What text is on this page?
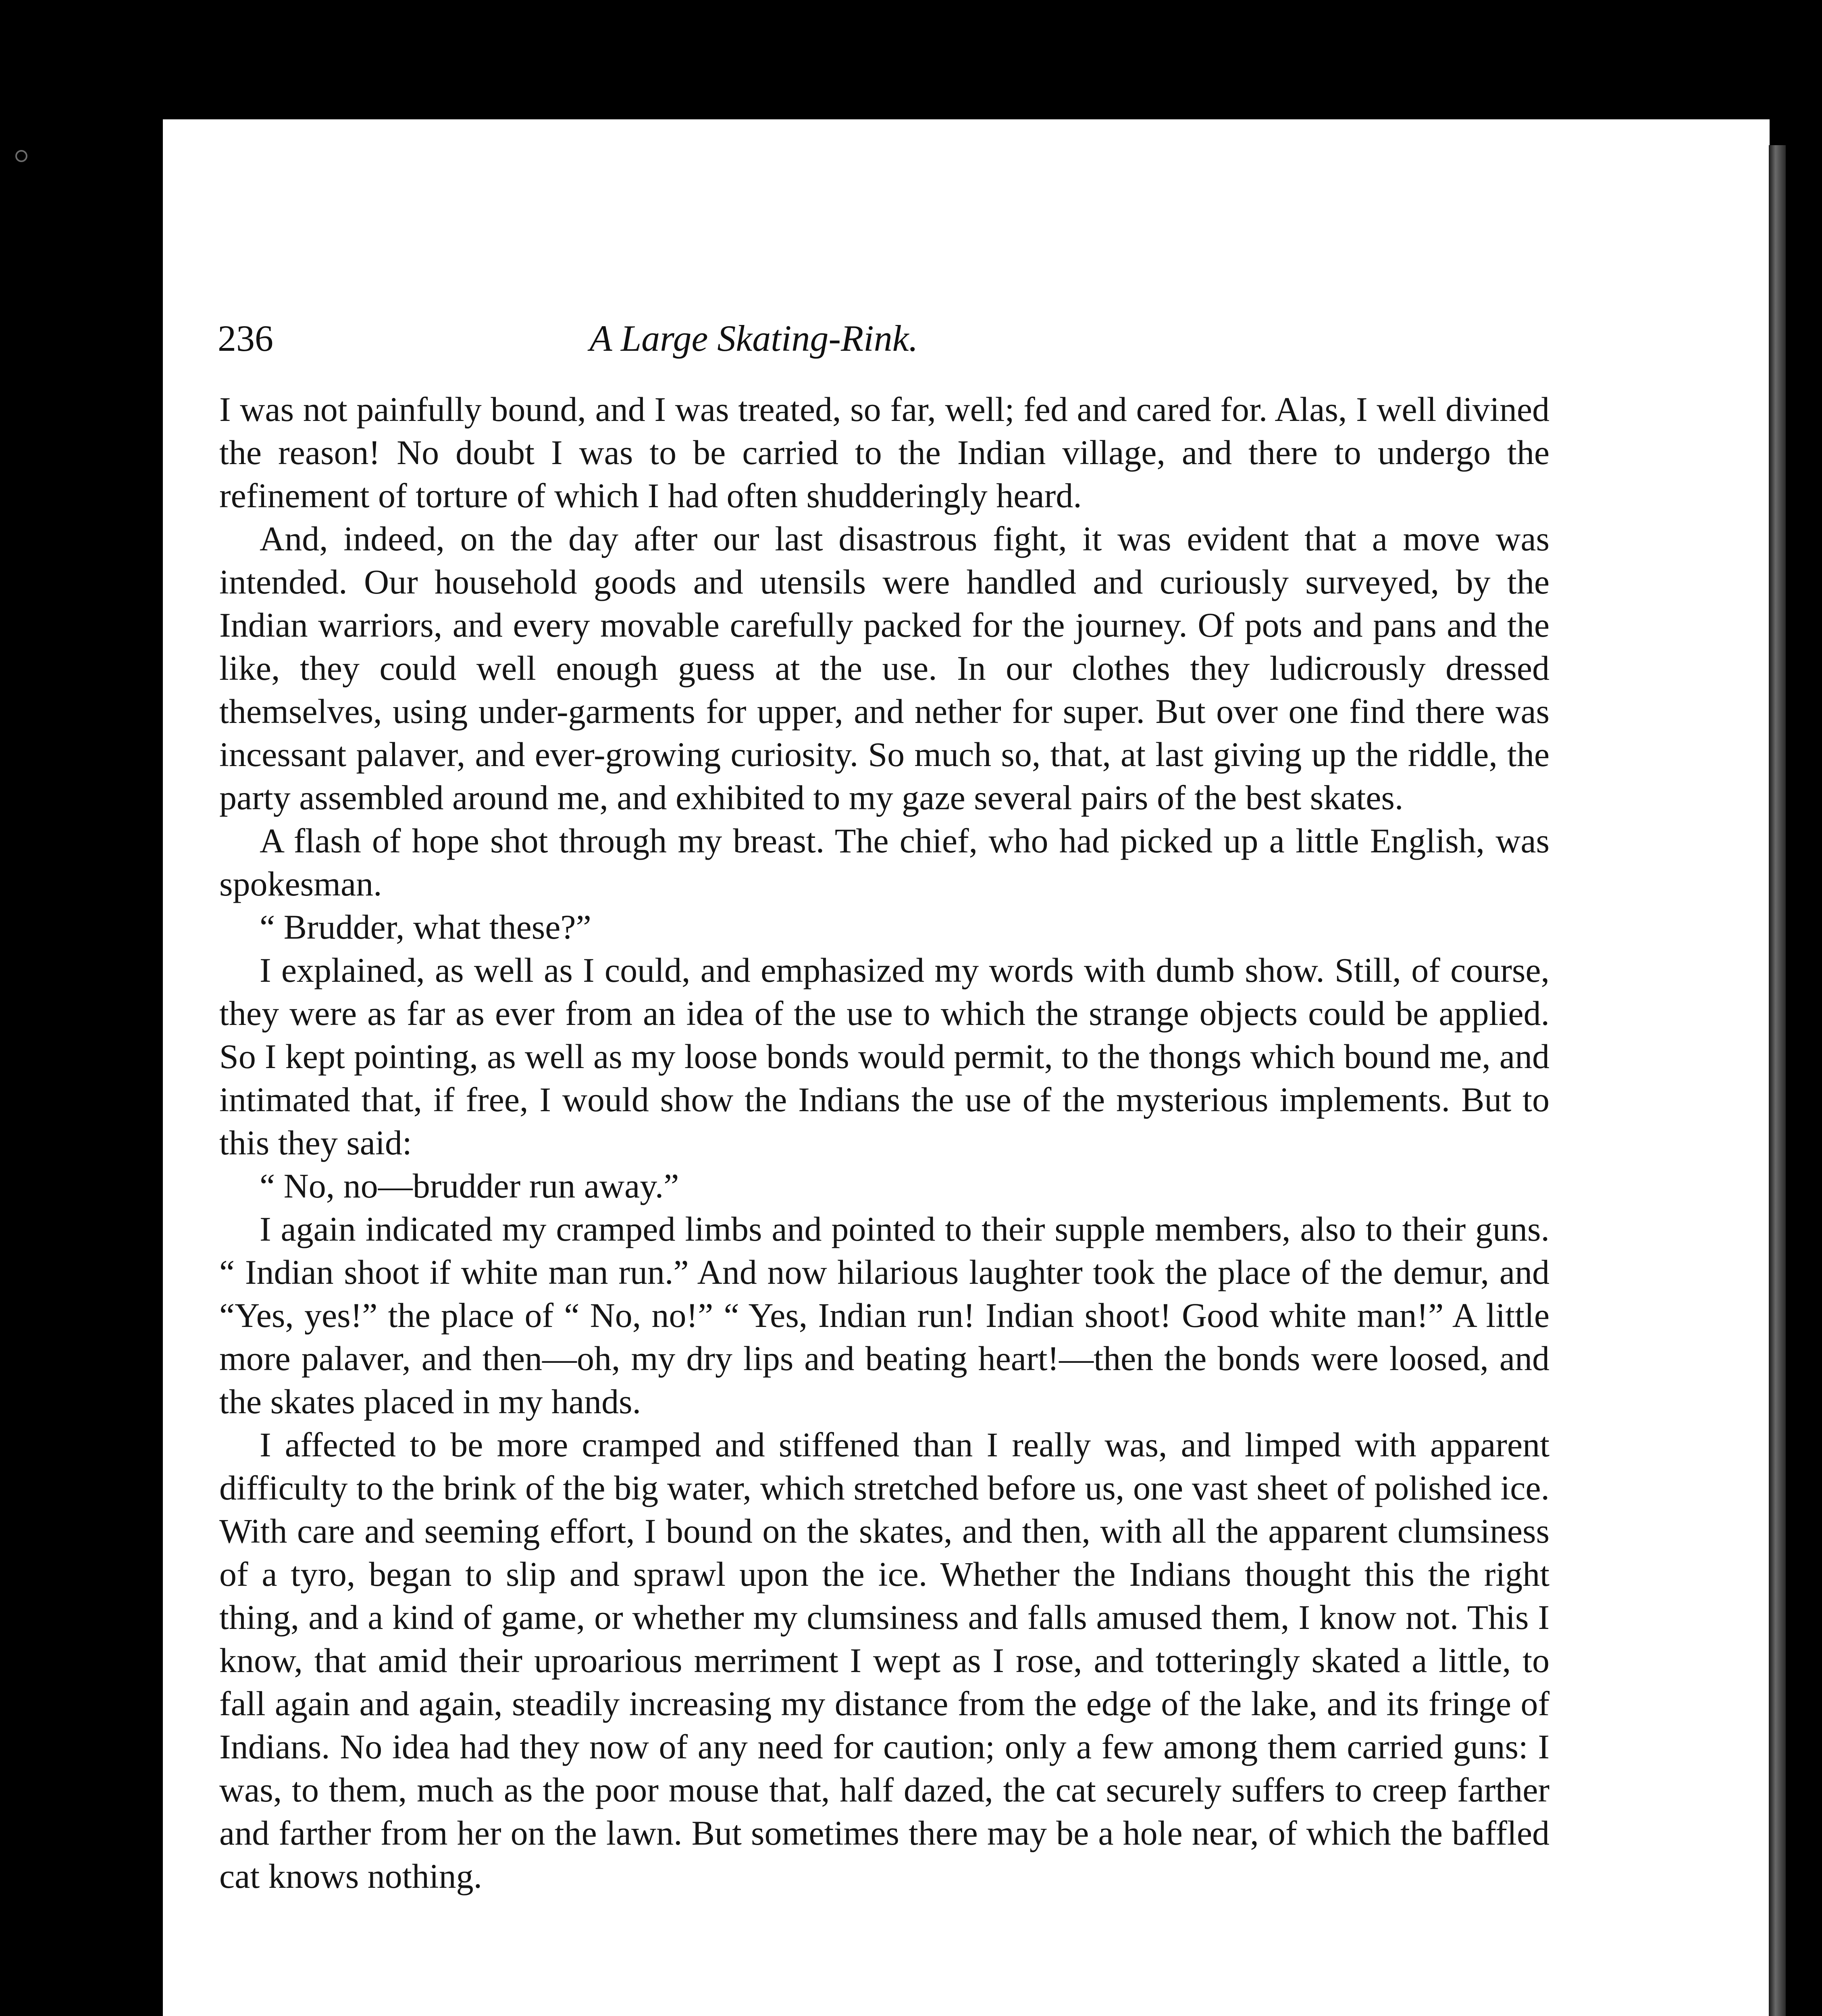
236	A Large Skating-Rink.

I was not painfully bound, and I was treated, so far, well; fed and cared for. Alas, I well divined the reason! No doubt I was to be carried to the Indian village, and there to undergo the refinement of torture of which I had often shudderingly heard.

And, indeed, on the day after our last disastrous fight, it was evident that a move was intended. Our household goods and utensils were handled and curiously surveyed, by the Indian warriors, and every movable carefully packed for the journey. Of pots and pans and the like, they could well enough guess at the use. In our clothes they ludicrously dressed themselves, using under-garments for upper, and nether for super. But over one find there was incessant palaver, and ever-growing curiosity. So much so, that, at last giving up the riddle, the party assembled around me, and exhibited to my gaze several pairs of the best skates.

A flash of hope shot through my breast. The chief, who had picked up a little English, was spokesman.

“ Brudder, what these?”

I explained, as well as I could, and emphasized my words with dumb show. Still, of course, they were as far as ever from an idea of the use to which the strange objects could be applied. So I kept pointing, as well as my loose bonds would permit, to the thongs which bound me, and intimated that, if free, I would show the Indians the use of the mysterious implements. But to this they said:

“ No, no—brudder run away.”

I again indicated my cramped limbs and pointed to their supple members, also to their guns. “ Indian shoot if white man run.” And now hilarious laughter took the place of the demur, and “Yes, yes!” the place of “ No, no!” “ Yes, Indian run! Indian shoot! Good white man!” A little more palaver, and then—oh, my dry lips and beating heart!—then the bonds were loosed, and the skates placed in my hands.

I affected to be more cramped and stiffened than I really was, and limped with apparent difficulty to the brink of the big water, which stretched before us, one vast sheet of polished ice. With care and seeming effort, I bound on the skates, and then, with all the apparent clumsiness of a tyro, began to slip and sprawl upon the ice. Whether the Indians thought this the right thing, and a kind of game, or whether my clumsiness and falls amused them, I know not. This I know, that amid their uproarious merriment I wept as I rose, and totteringly skated a little, to fall again and again, steadily increasing my distance from the edge of the lake, and its fringe of Indians. No idea had they now of any need for caution; only a few among them carried guns: I was, to them, much as the poor mouse that, half dazed, the cat securely suffers to creep farther and farther from her on the lawn. But sometimes there may be a hole near, of which the baffled cat knows nothing.
